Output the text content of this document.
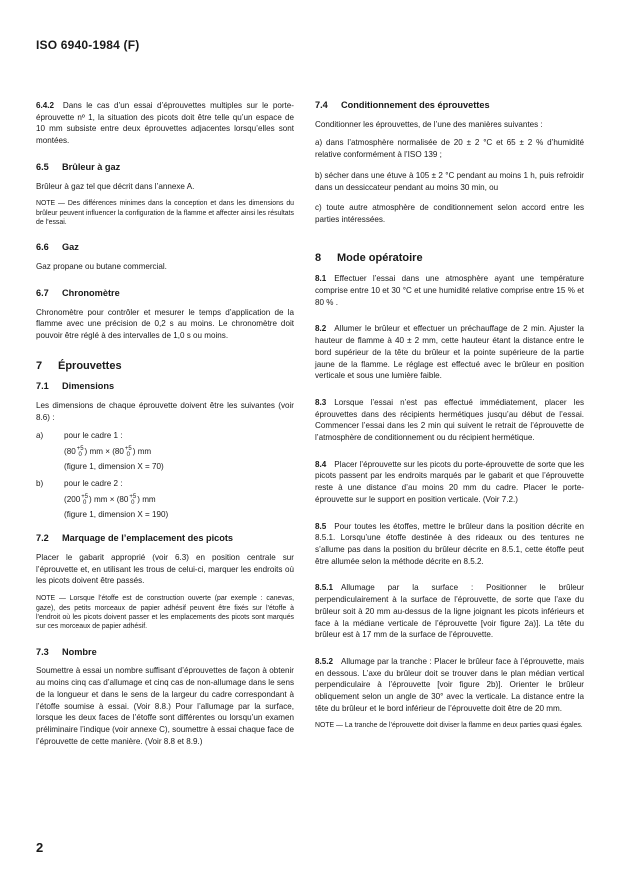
ISO 6940-1984 (F)

6.4.2 Dans le cas d’un essai d’éprouvettes multiples sur le porte-éprouvette nº 1, la situation des picots doit être telle qu’un espace de 10 mm subsiste entre deux éprouvettes adjacentes lorsqu’elles sont montées.

6.5 Brûleur à gaz

Brûleur à gaz tel que décrit dans l’annexe A.

NOTE — Des différences minimes dans la conception et dans les dimensions du brûleur peuvent influencer la configuration de la flamme et affecter ainsi les résultats de l’essai.
6.6 Gaz

Gaz propane ou butane commercial.

6.7 Chronomètre

Chronomètre pour contrôler et mesurer le temps d’application de la flamme avec une précision de 0,2 s au moins. Le chronomètre doit pouvoir être réglé à des intervalles de 1,0 s ou moins.

7 Éprouvettes
7.1 Dimensions

Les dimensions de chaque éprouvette doivent être les suivantes (voir 8.6) :

a)	pour le cadre 1 :
(80 +5
0 ) mm × (80 +5
0 ) mm
(figure 1, dimension X = 70)
b)	pour le cadre 2 :
(200 +5
0 ) mm × (80 +5
0 ) mm
(figure 1, dimension X = 190)
7.2 Marquage de l’emplacement des picots

Placer le gabarit approprié (voir 6.3) en position centrale sur l’éprouvette et, en utilisant les trous de celui-ci, marquer les endroits où les picots doivent être passés.

NOTE — Lorsque l’étoffe est de construction ouverte (par exemple : canevas, gaze), des petits morceaux de papier adhésif peuvent être fixés sur l’étoffe à l’endroit où les picots doivent passer et les emplacements des picots sont marqués sur ces morceaux de papier adhésif.
7.3 Nombre

Soumettre à essai un nombre suffisant d’éprouvettes de façon à obtenir au moins cinq cas d’allumage et cinq cas de non-allumage dans le sens de la longueur et dans le sens de la largeur du cadre correspondant à l’étoffe soumise à essai. (Voir 8.8.) Pour l’allumage par la surface, lorsque les deux faces de l’étoffe sont différentes ou lorsqu’un examen préliminaire l’indique (voir annexe C), soumettre à essai chaque face de l’éprouvette de cette manière. (Voir 8.8 et 8.9.)

7.4 Conditionnement des éprouvettes

Conditionner les éprouvettes, de l’une des manières suivantes :

a) dans l’atmosphère normalisée de 20 ± 2 °C et 65 ± 2 % d’humidité relative conformément à l’ISO 139 ;

b) sécher dans une étuve à 105 ± 2 °C pendant au moins 1 h, puis refroidir dans un dessiccateur pendant au moins 30 min, ou

c) toute autre atmosphère de conditionnement selon accord entre les parties intéressées.

8 Mode opératoire

8.1 Effectuer l’essai dans une atmosphère ayant une température comprise entre 10 et 30 °C et une humidité relative comprise entre 15 % et 80 % .

8.2 Allumer le brûleur et effectuer un préchauffage de 2 min. Ajuster la hauteur de flamme à 40 ± 2 mm, cette hauteur étant la distance entre le bord supérieur de la tête du brûleur et la pointe supérieure de la partie jaune de la flamme. Le réglage est effectué avec le brûleur en position verticale et sous une lumière faible.

8.3 Lorsque l’essai n’est pas effectué immédiatement, placer les éprouvettes dans des récipients hermétiques jusqu’au début de l’essai. Commencer l’essai dans les 2 min qui suivent le retrait de l’éprouvette de l’atmosphère de conditionnement ou du récipient hermétique.

8.4 Placer l’éprouvette sur les picots du porte-éprouvette de sorte que les picots passent par les endroits marqués par le gabarit et que l’éprouvette reste à une distance d’au moins 20 mm du cadre. Placer le porte-éprouvette sur le support en position verticale. (Voir 7.2.)

8.5 Pour toutes les étoffes, mettre le brûleur dans la position décrite en 8.5.1. Lorsqu’une étoffe destinée à des rideaux ou des tentures ne s’allume pas dans la position du brûleur décrite en 8.5.1, cette étoffe peut être allumée selon la méthode décrite en 8.5.2.

8.5.1 Allumage par la surface : Positionner le brûleur perpendiculairement à la surface de l’éprouvette, de sorte que l’axe du brûleur soit à 20 mm au-dessus de la ligne joignant les picots inférieurs et face à la médiane verticale de l’éprouvette [voir figure 2a)]. La tête du brûleur est à 17 mm de la surface de l’éprouvette.

8.5.2 Allumage par la tranche : Placer le brûleur face à l’éprouvette, mais en dessous. L’axe du brûleur doit se trouver dans le plan médian vertical perpendiculaire à l’éprouvette [voir figure 2b)]. Orienter le brûleur obliquement selon un angle de 30° avec la verticale. La distance entre la tête du brûleur et le bord inférieur de l’éprouvette doit être de 20 mm.

NOTE — La tranche de l’éprouvette doit diviser la flamme en deux parties quasi égales.
2
